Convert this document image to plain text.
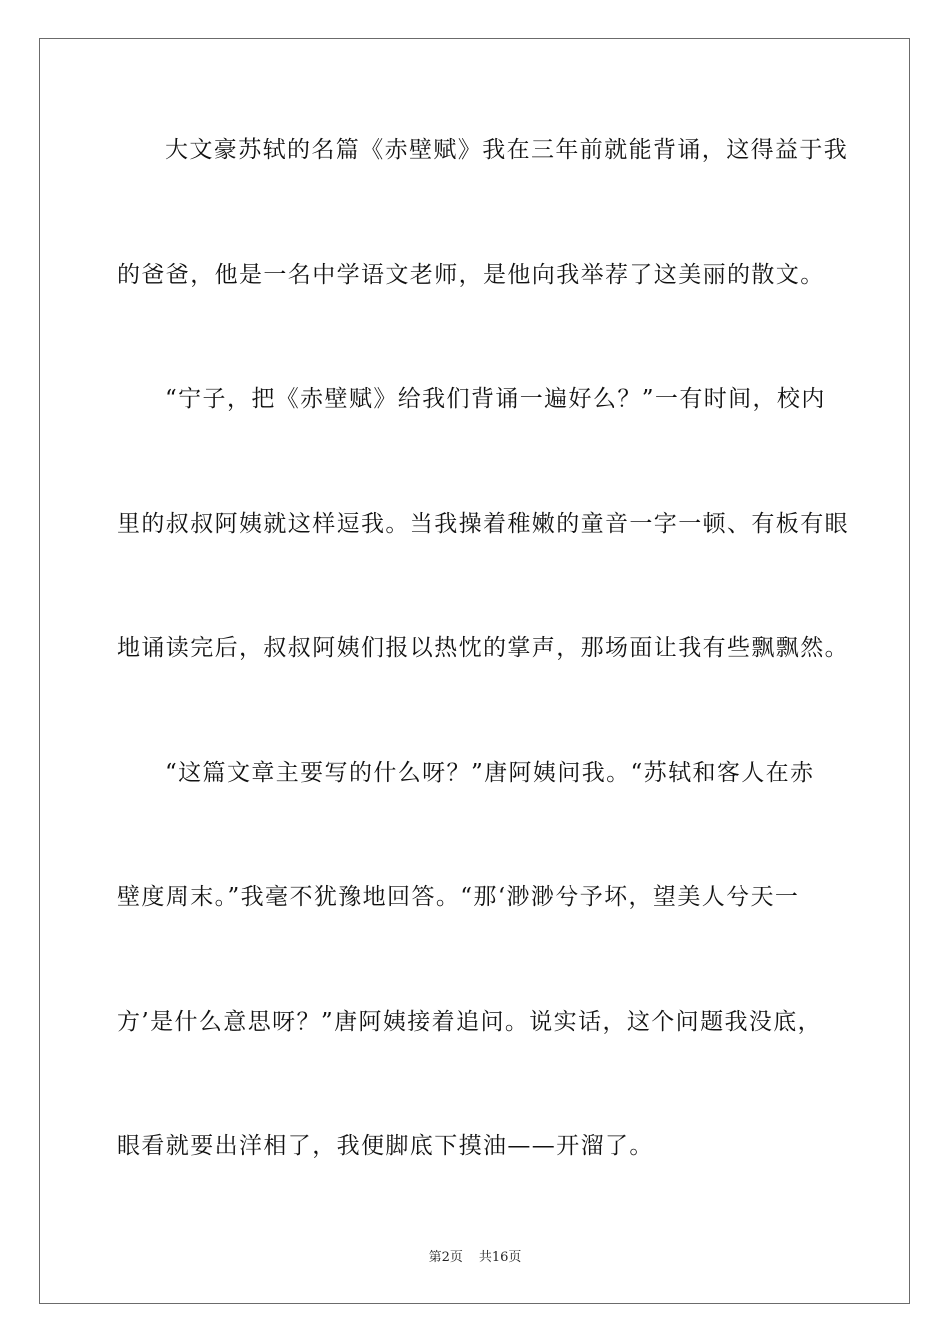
大文豪苏轼的名篇《赤壁赋》我在三年前就能背诵，这得益于我
的爸爸，他是一名中学语文老师，是他向我举荐了这美丽的散文。
“宁子，把《赤壁赋》给我们背诵一遍好么？”一有时间，校内
里的叔叔阿姨就这样逗我。当我操着稚嫩的童音一字一顿、有板有眼
地诵读完后，叔叔阿姨们报以热忱的掌声，那场面让我有些飘飘然。
“这篇文章主要写的什么呀？”唐阿姨问我。“苏轼和客人在赤
壁度周末。”我毫不犹豫地回答。“那‘渺渺兮予坏，望美人兮天一
方’是什么意思呀？”唐阿姨接着追问。说实话，这个问题我没底，
眼看就要出洋相了，我便脚底下摸油——开溜了。
第2页 共16页
